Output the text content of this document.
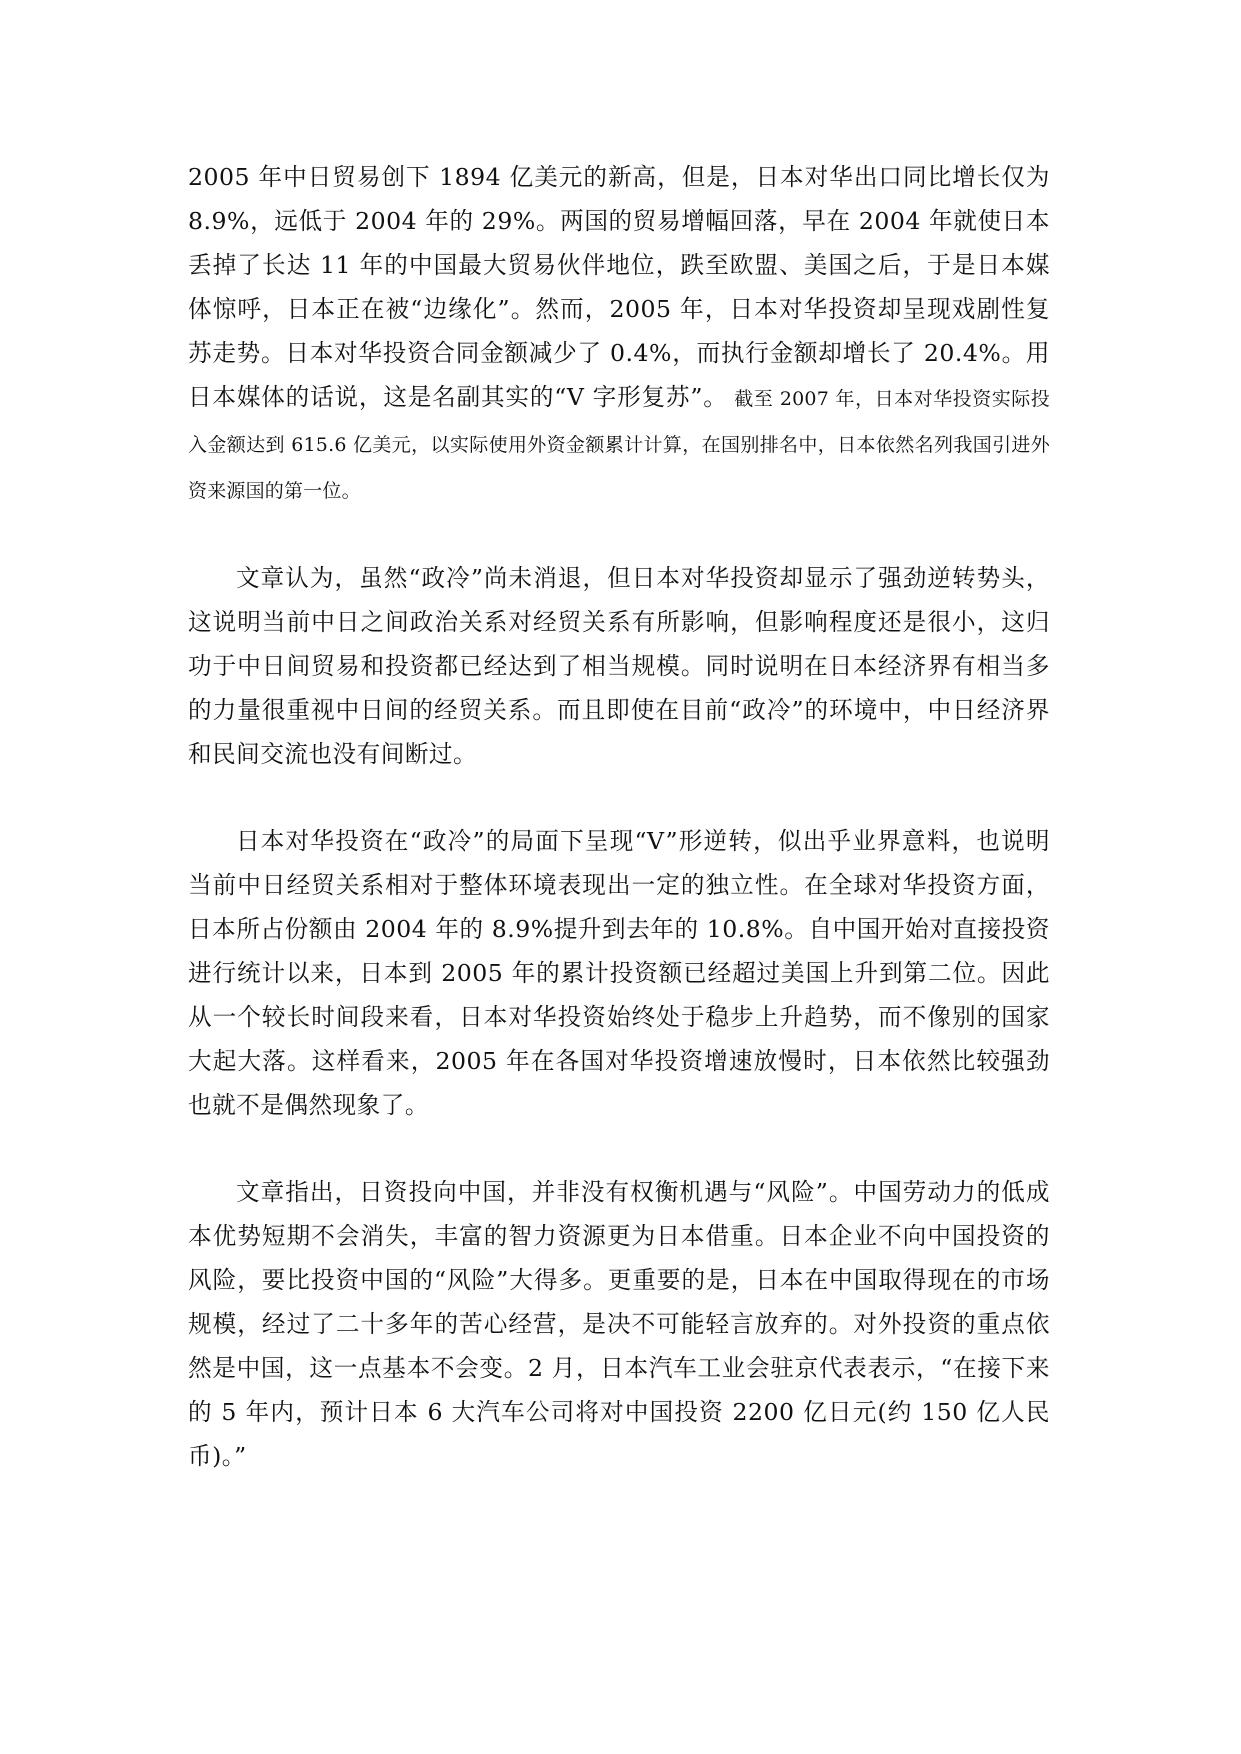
2005 年中日贸易创下 1894 亿美元的新高，但是，日本对华出口同比增长仅为 8.9%，远低于 2004 年的 29%。两国的贸易增幅回落，早在 2004 年就使日本丢掉了长达 11 年的中国最大贸易伙伴地位，跌至欧盟、美国之后，于是日本媒体惊呼，日本正在被“边缘化”。然而，2005 年，日本对华投资却呈现戏剧性复苏走势。日本对华投资合同金额减少了 0.4%，而执行金额却增长了 20.4%。用日本媒体的话说，这是名副其实的“V 字形复苏”。 截至 2007 年，日本对华投资实际投入金额达到 615.6 亿美元，以实际使用外资金额累计计算，在国别排名中，日本依然名列我国引进外资来源国的第一位。

文章认为，虽然“政冷”尚未消退，但日本对华投资却显示了强劲逆转势头，这说明当前中日之间政治关系对经贸关系有所影响，但影响程度还是很小，这归功于中日间贸易和投资都已经达到了相当规模。同时说明在日本经济界有相当多的力量很重视中日间的经贸关系。而且即使在目前“政冷”的环境中，中日经济界和民间交流也没有间断过。

日本对华投资在“政冷”的局面下呈现“V”形逆转，似出乎业界意料，也说明当前中日经贸关系相对于整体环境表现出一定的独立性。在全球对华投资方面，日本所占份额由 2004 年的 8.9%提升到去年的 10.8%。自中国开始对直接投资进行统计以来，日本到 2005 年的累计投资额已经超过美国上升到第二位。因此从一个较长时间段来看，日本对华投资始终处于稳步上升趋势，而不像别的国家大起大落。这样看来，2005 年在各国对华投资增速放慢时，日本依然比较强劲也就不是偶然现象了。

文章指出，日资投向中国，并非没有权衡机遇与“风险”。中国劳动力的低成本优势短期不会消失，丰富的智力资源更为日本借重。日本企业不向中国投资的风险，要比投资中国的“风险”大得多。更重要的是，日本在中国取得现在的市场规模，经过了二十多年的苦心经营，是决不可能轻言放弃的。对外投资的重点依然是中国，这一点基本不会变。2 月，日本汽车工业会驻京代表表示，“在接下来的 5 年内，预计日本 6 大汽车公司将对中国投资 2200 亿日元(约 150 亿人民币)。”
